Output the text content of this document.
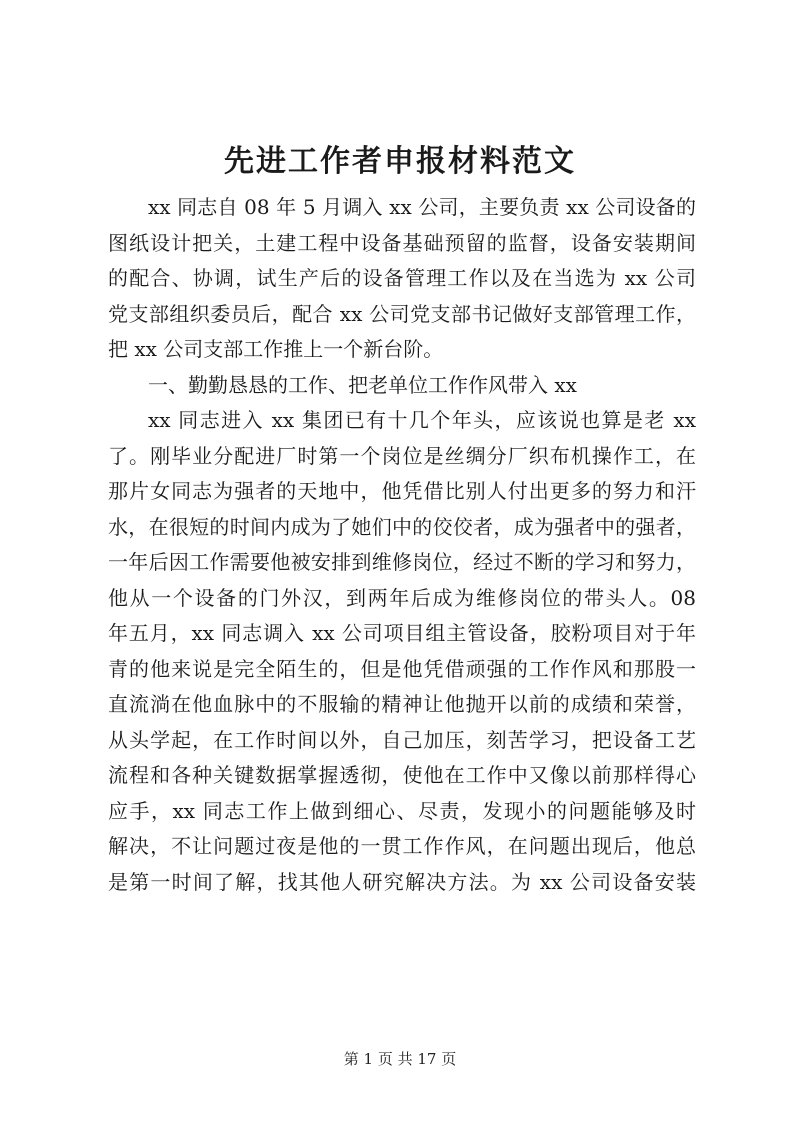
先进工作者申报材料范文
xx 同志自 08 年 5 月调入 xx 公司，主要负责 xx 公司设备的
图纸设计把关，土建工程中设备基础预留的监督，设备安装期间
的配合、协调，试生产后的设备管理工作以及在当选为 xx 公司
党支部组织委员后，配合 xx 公司党支部书记做好支部管理工作，
把 xx 公司支部工作推上一个新台阶。
一、勤勤恳恳的工作、把老单位工作作风带入 xx
xx 同志进入 xx 集团已有十几个年头，应该说也算是老 xx
了。刚毕业分配进厂时第一个岗位是丝绸分厂织布机操作工，在
那片女同志为强者的天地中，他凭借比别人付出更多的努力和汗
水，在很短的时间内成为了她们中的佼佼者，成为强者中的强者，
一年后因工作需要他被安排到维修岗位，经过不断的学习和努力，
他从一个设备的门外汉，到两年后成为维修岗位的带头人。08
年五月，xx 同志调入 xx 公司项目组主管设备，胶粉项目对于年
青的他来说是完全陌生的，但是他凭借顽强的工作作风和那股一
直流淌在他血脉中的不服输的精神让他抛开以前的成绩和荣誉，
从头学起，在工作时间以外，自己加压，刻苦学习，把设备工艺
流程和各种关键数据掌握透彻，使他在工作中又像以前那样得心
应手，xx 同志工作上做到细心、尽责，发现小的问题能够及时
解决，不让问题过夜是他的一贯工作作风，在问题出现后，他总
是第一时间了解，找其他人研究解决方法。为 xx 公司设备安装
第 1 页 共 17 页
